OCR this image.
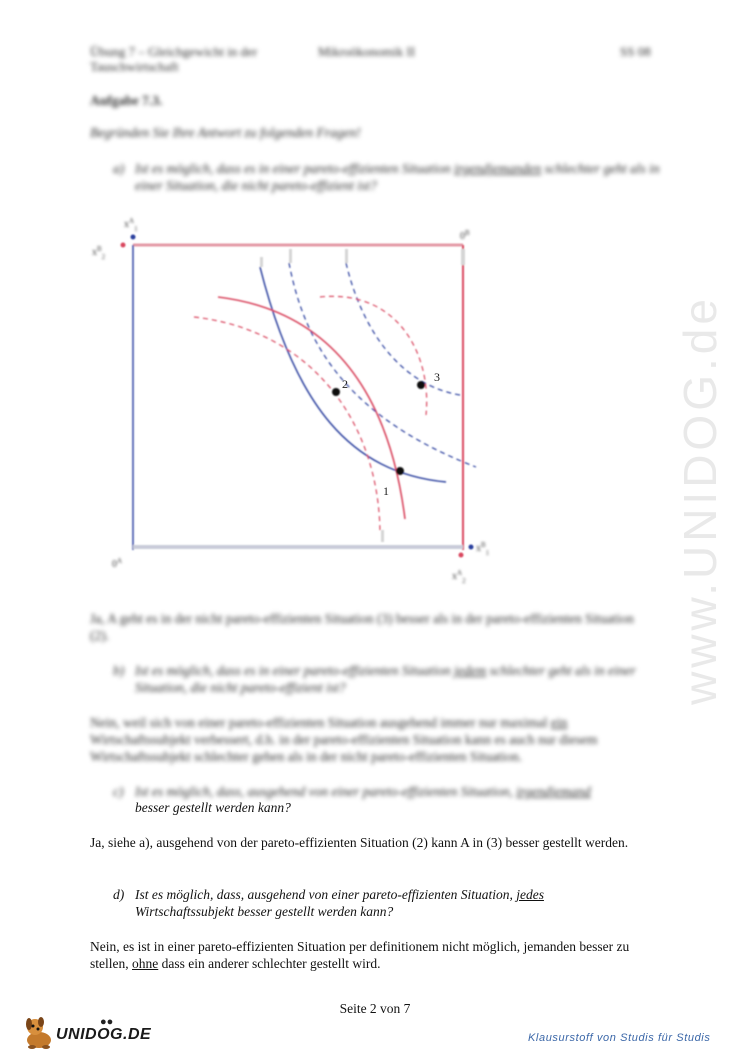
www.UNIDOG.de
Übung 7 – Gleichgewicht in der
Tauschwirtschaft
Mikroökonomik II	SS 08
Aufgabe 7.3.
Begründen Sie Ihre Antwort zu folgenden Fragen!
a) Ist es möglich, dass es in einer pareto-effizienten Situation irgendjemanden schlechter geht als in einer Situation, die nicht pareto-effizient ist?
2
1
3
$x^A_1$
$x^B_2$
$0^B$
$0^A$
$x^A_2$
$x^B_1$
Ja, A geht es in der nicht pareto-effizienten Situation (3) besser als in der pareto-effizienten Situation (2).
b) Ist es möglich, dass es in einer pareto-effizienten Situation jedem schlechter geht als in einer Situation, die nicht pareto-effizient ist?
Nein, weil sich von einer pareto-effizienten Situation ausgehend immer nur maximal ein Wirtschaftssubjekt verbessert, d.h. in der pareto-effizienten Situation kann es auch nur diesem Wirtschaftssubjekt schlechter gehen als in der nicht pareto-effizienten Situation.
c) Ist es möglich, dass, ausgehend von einer pareto-effizienten Situation, irgendjemand
besser gestellt werden kann?
Ja, siehe a), ausgehend von der pareto-effizienten Situation (2) kann A in (3) besser gestellt werden.
d) Ist es möglich, dass, ausgehend von einer pareto-effizienten Situation, jedes
Wirtschaftssubjekt besser gestellt werden kann?
Nein, es ist in einer pareto-effizienten Situation per definitionem nicht möglich, jemanden besser zu stellen, ohne dass ein anderer schlechter gestellt wird.
Seite 2 von 7
UNIDOG.DE
●●
Klausurstoff von Studis für Studis
